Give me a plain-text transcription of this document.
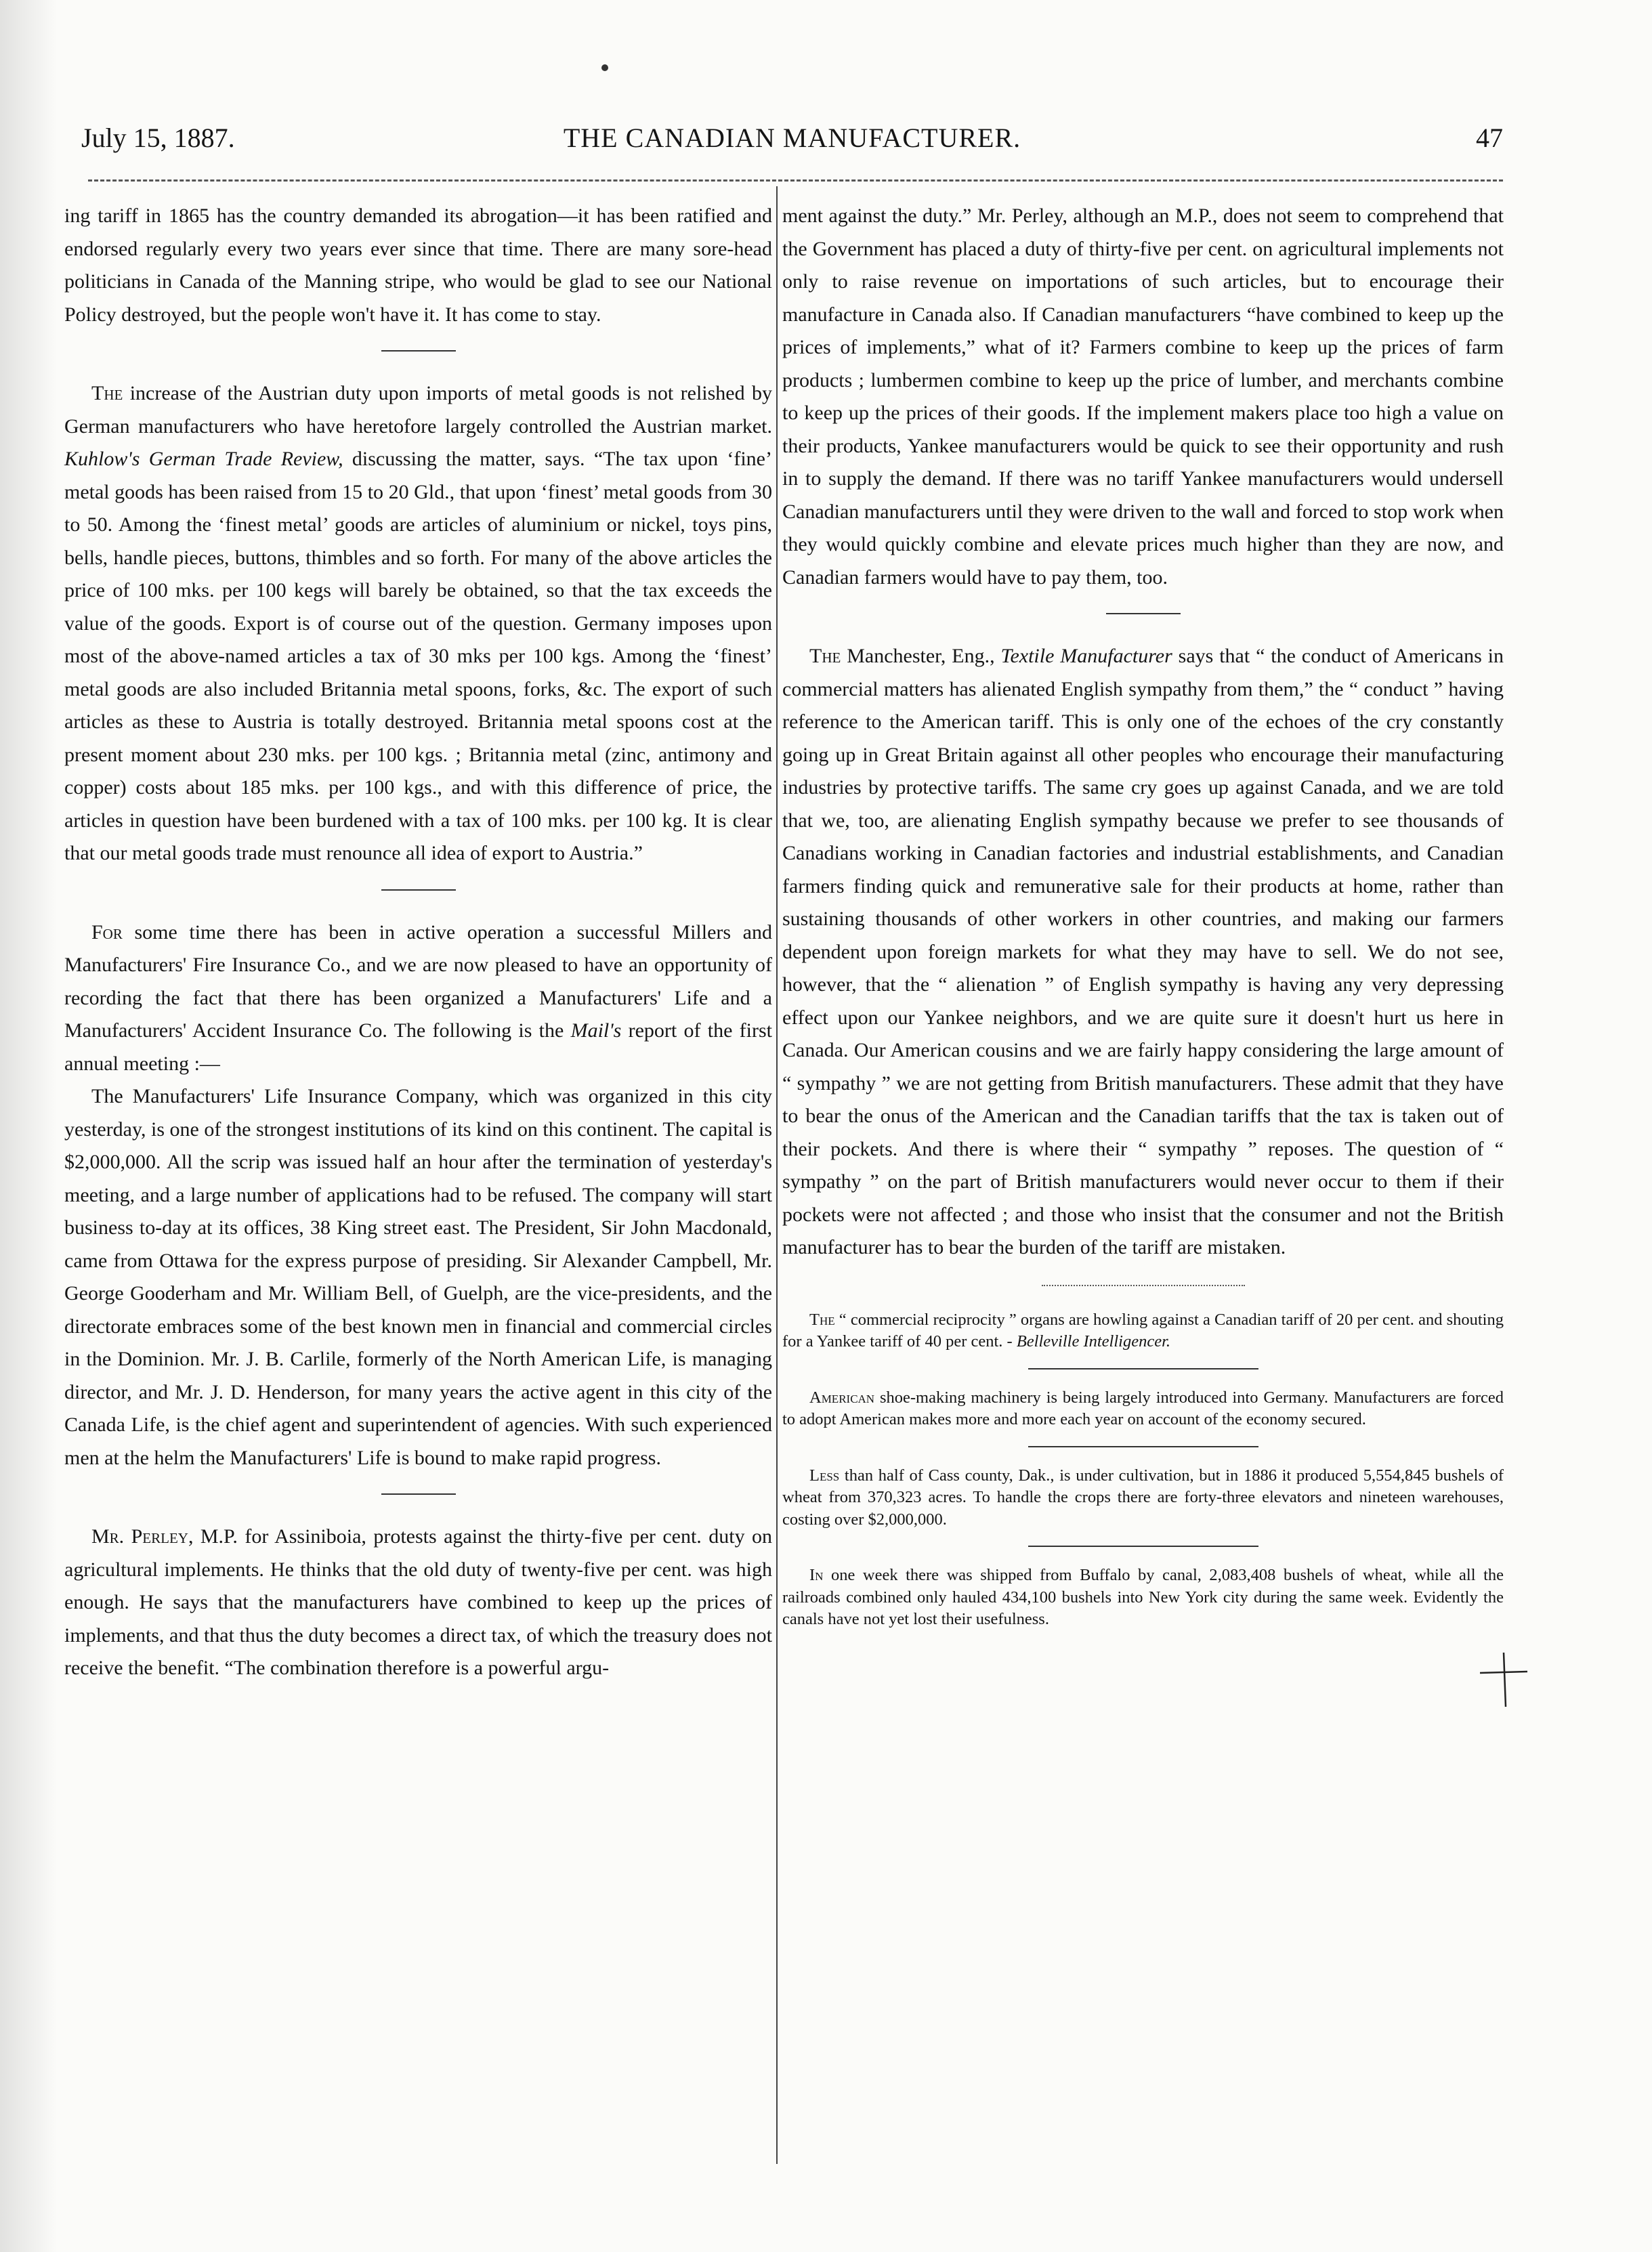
July 15, 1887.	THE CANADIAN MANUFACTURER.	47

ing tariff in 1865 has the country demanded its abrogation—it has been ratified and endorsed regularly every two years ever since that time. There are many sore-head politicians in Canada of the Manning stripe, who would be glad to see our National Policy destroyed, but the people won't have it. It has come to stay.

The increase of the Austrian duty upon imports of metal goods is not relished by German manufacturers who have heretofore largely controlled the Austrian market. Kuhlow's German Trade Review, discussing the matter, says. “The tax upon ‘fine’ metal goods has been raised from 15 to 20 Gld., that upon ‘finest’ metal goods from 30 to 50. Among the ‘finest metal’ goods are articles of aluminium or nickel, toys pins, bells, handle pieces, buttons, thimbles and so forth. For many of the above articles the price of 100 mks. per 100 kegs will barely be obtained, so that the tax exceeds the value of the goods. Export is of course out of the question. Germany imposes upon most of the above-named articles a tax of 30 mks per 100 kgs. Among the ‘finest’ metal goods are also included Britannia metal spoons, forks, &c. The export of such articles as these to Austria is totally destroyed. Britannia metal spoons cost at the present moment about 230 mks. per 100 kgs. ; Britannia metal (zinc, antimony and copper) costs about 185 mks. per 100 kgs., and with this difference of price, the articles in question have been burdened with a tax of 100 mks. per 100 kg. It is clear that our metal goods trade must renounce all idea of export to Austria.”

For some time there has been in active operation a successful Millers and Manufacturers' Fire Insurance Co., and we are now pleased to have an opportunity of recording the fact that there has been organized a Manufacturers' Life and a Manufacturers' Accident Insurance Co. The following is the Mail's report of the first annual meeting :—

The Manufacturers' Life Insurance Company, which was organized in this city yesterday, is one of the strongest institutions of its kind on this continent. The capital is $2,000,000. All the scrip was issued half an hour after the termination of yesterday's meeting, and a large number of applications had to be refused. The company will start business to-day at its offices, 38 King street east. The President, Sir John Macdonald, came from Ottawa for the express purpose of presiding. Sir Alexander Campbell, Mr. George Gooderham and Mr. William Bell, of Guelph, are the vice-presidents, and the directorate embraces some of the best known men in financial and commercial circles in the Dominion. Mr. J. B. Carlile, formerly of the North American Life, is managing director, and Mr. J. D. Henderson, for many years the active agent in this city of the Canada Life, is the chief agent and superintendent of agencies. With such experienced men at the helm the Manufacturers' Life is bound to make rapid progress.

Mr. Perley, M.P. for Assiniboia, protests against the thirty-five per cent. duty on agricultural implements. He thinks that the old duty of twenty-five per cent. was high enough. He says that the manufacturers have combined to keep up the prices of implements, and that thus the duty becomes a direct tax, of which the treasury does not receive the benefit. “The combination therefore is a powerful argu-

ment against the duty.” Mr. Perley, although an M.P., does not seem to comprehend that the Government has placed a duty of thirty-five per cent. on agricultural implements not only to raise revenue on importations of such articles, but to encourage their manufacture in Canada also. If Canadian manufacturers “have combined to keep up the prices of implements,” what of it? Farmers combine to keep up the prices of farm products ; lumbermen combine to keep up the price of lumber, and merchants combine to keep up the prices of their goods. If the implement makers place too high a value on their products, Yankee manufacturers would be quick to see their opportunity and rush in to supply the demand. If there was no tariff Yankee manufacturers would undersell Canadian manufacturers until they were driven to the wall and forced to stop work when they would quickly combine and elevate prices much higher than they are now, and Canadian farmers would have to pay them, too.

The Manchester, Eng., Textile Manufacturer says that “ the conduct of Americans in commercial matters has alienated English sympathy from them,” the “ conduct ” having reference to the American tariff. This is only one of the echoes of the cry constantly going up in Great Britain against all other peoples who encourage their manufacturing industries by protective tariffs. The same cry goes up against Canada, and we are told that we, too, are alienating English sympathy because we prefer to see thousands of Canadians working in Canadian factories and industrial establishments, and Canadian farmers finding quick and remunerative sale for their products at home, rather than sustaining thousands of other workers in other countries, and making our farmers dependent upon foreign markets for what they may have to sell. We do not see, however, that the “ alienation ” of English sympathy is having any very depressing effect upon our Yankee neighbors, and we are quite sure it doesn't hurt us here in Canada. Our American cousins and we are fairly happy considering the large amount of “ sympathy ” we are not getting from British manufacturers. These admit that they have to bear the onus of the American and the Canadian tariffs that the tax is taken out of their pockets. And there is where their “ sympathy ” reposes. The question of “ sympathy ” on the part of British manufacturers would never occur to them if their pockets were not affected ; and those who insist that the consumer and not the British manufacturer has to bear the burden of the tariff are mistaken.

The “ commercial reciprocity ” organs are howling against a Canadian tariff of 20 per cent. and shouting for a Yankee tariff of 40 per cent. - Belleville Intelligencer.

American shoe-making machinery is being largely introduced into Germany. Manufacturers are forced to adopt American makes more and more each year on account of the economy secured.

Less than half of Cass county, Dak., is under cultivation, but in 1886 it produced 5,554,845 bushels of wheat from 370,323 acres. To handle the crops there are forty-three elevators and nineteen warehouses, costing over $2,000,000.

In one week there was shipped from Buffalo by canal, 2,083,408 bushels of wheat, while all the railroads combined only hauled 434,100 bushels into New York city during the same week. Evidently the canals have not yet lost their usefulness.
